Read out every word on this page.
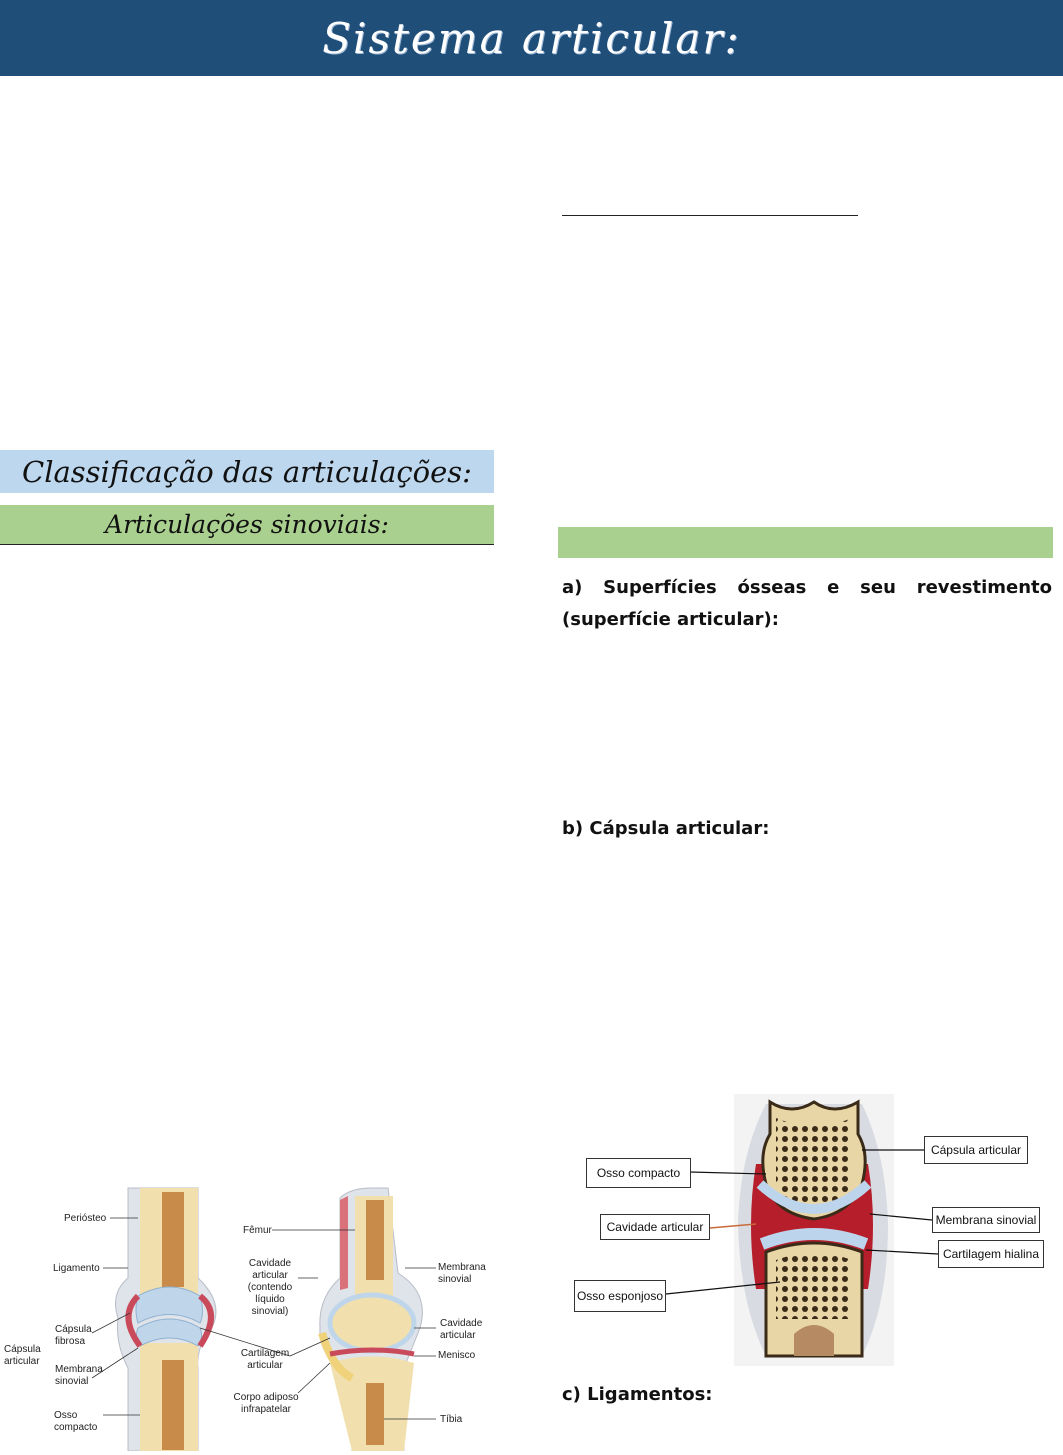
Sistema articular:
Classificação das articulações:
Articulações sinoviais:
a) Superfícies ósseas e seu revestimento (superfície articular):
b) Cápsula articular:
c) Ligamentos:
Periósteo
Ligamento
Cápsula fibrosa
Cápsula articular
Membrana sinovial
Osso compacto
Cavidade articular (contendo líquido sinovial)
Cartilagem articular
Corpo adiposo infrapatelar
Fêmur
Membrana sinovial
Cavidade articular
Menisco
Tíbia
Osso compacto
Cavidade articular
Osso esponjoso
Cápsula articular
Membrana sinovial
Cartilagem hialina
